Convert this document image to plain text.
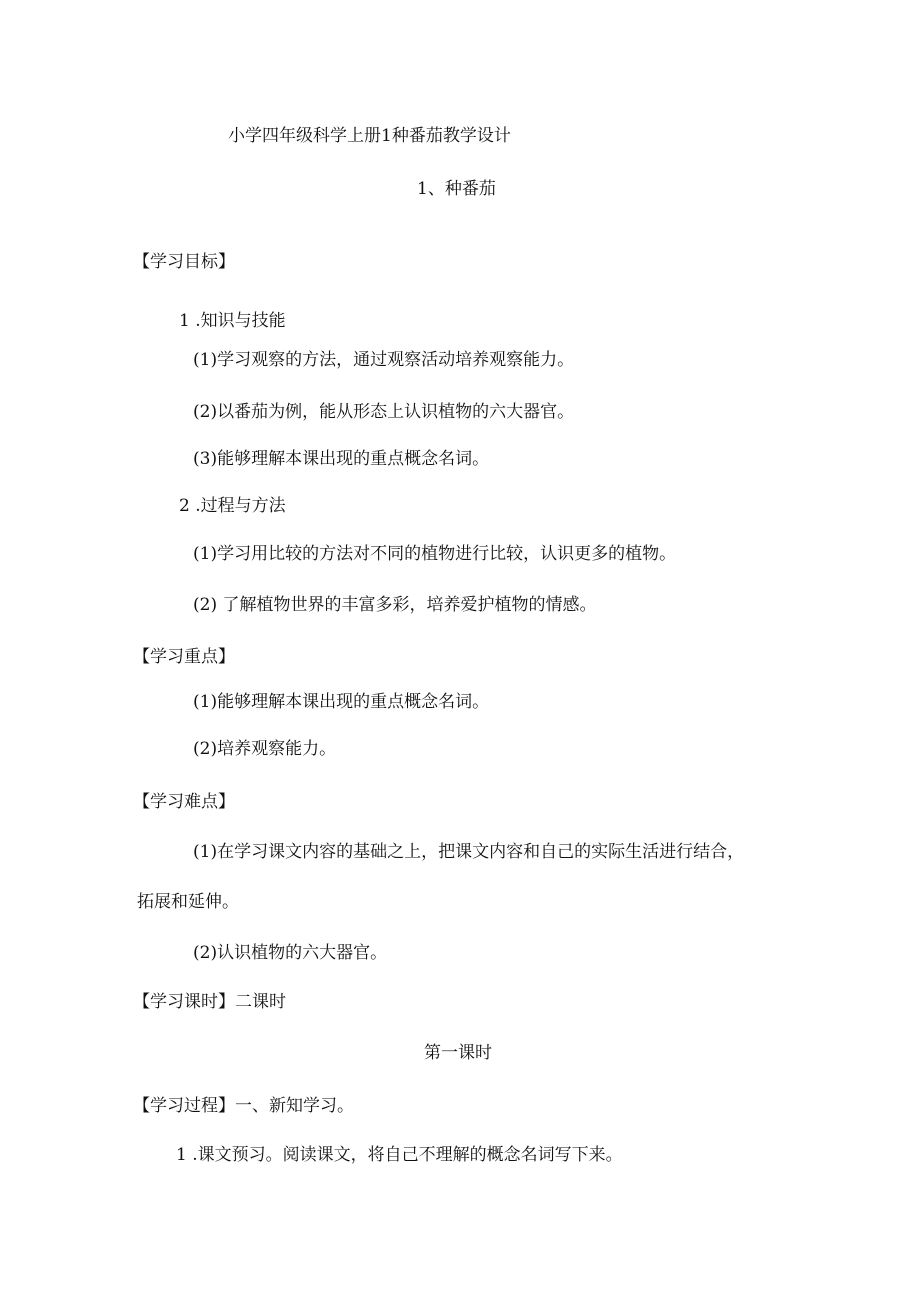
小学四年级科学上册1种番茄教学设计
1、种番茄
【学习目标】
1 .知识与技能
(1)学习观察的方法，通过观察活动培养观察能力。
(2)以番茄为例，能从形态上认识植物的六大器官。
(3)能够理解本课出现的重点概念名词。
2 .过程与方法
(1)学习用比较的方法对不同的植物进行比较，认识更多的植物。
(2) 了解植物世界的丰富多彩，培养爱护植物的情感。
【学习重点】
(1)能够理解本课出现的重点概念名词。
(2)培养观察能力。
【学习难点】
(1)在学习课文内容的基础之上，把课文内容和自己的实际生活进行结合，
拓展和延伸。
(2)认识植物的六大器官。
【学习课时】二课时
第一课时
【学习过程】一、新知学习。
1 .课文预习。阅读课文，将自己不理解的概念名词写下来。
